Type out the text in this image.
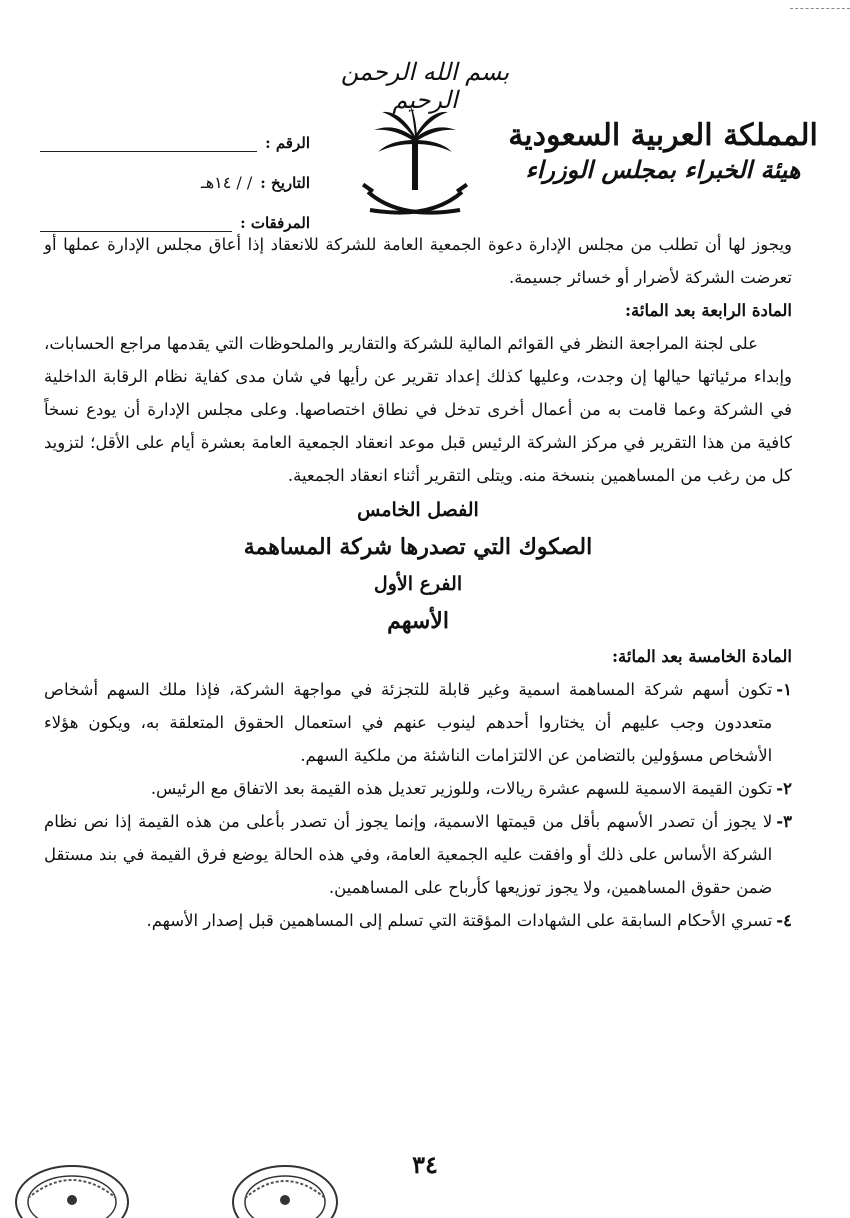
بسم الله الرحمن الرحيم
المملكة العربية السعودية
هيئة الخبراء بمجلس الوزراء
الرقم :
التاريخ :
/ / ١٤هـ
المرفقات :

ويجوز لها أن تطلب من مجلس الإدارة دعوة الجمعية العامة للشركة للانعقاد إذا أعاق مجلس الإدارة عملها أو تعرضت الشركة لأضرار أو خسائر جسيمة.

المادة الرابعة بعد المائة:

على لجنة المراجعة النظر في القوائم المالية للشركة والتقارير والملحوظات التي يقدمها مراجع الحسابات، وإبداء مرئياتها حيالها إن وجدت، وعليها كذلك إعداد تقرير عن رأيها في شان مدى كفاية نظام الرقابة الداخلية في الشركة وعما قامت به من أعمال أخرى تدخل في نطاق اختصاصها. وعلى مجلس الإدارة أن يودع نسخاً كافية من هذا التقرير في مركز الشركة الرئيس قبل موعد انعقاد الجمعية العامة بعشرة أيام على الأقل؛ لتزويد كل من رغب من المساهمين بنسخة منه. ويتلى التقرير أثناء انعقاد الجمعية.

الفصل الخامس

الصكوك التي تصدرها شركة المساهمة

الفرع الأول

الأسهم

المادة الخامسة بعد المائة:

١-
تكون أسهم شركة المساهمة اسمية وغير قابلة للتجزئة في مواجهة الشركة، فإذا ملك السهم أشخاص متعددون وجب عليهم أن يختاروا أحدهم لينوب عنهم في استعمال الحقوق المتعلقة به، ويكون هؤلاء الأشخاص مسؤولين بالتضامن عن الالتزامات الناشئة من ملكية السهم.
٢-
تكون القيمة الاسمية للسهم عشرة ريالات، وللوزير تعديل هذه القيمة بعد الاتفاق مع الرئيس.
٣-
لا يجوز أن تصدر الأسهم بأقل من قيمتها الاسمية، وإنما يجوز أن تصدر بأعلى من هذه القيمة إذا نص نظام الشركة الأساس على ذلك أو وافقت عليه الجمعية العامة، وفي هذه الحالة يوضع فرق القيمة في بند مستقل ضمن حقوق المساهمين، ولا يجوز توزيعها كأرباح على المساهمين.
٤-
تسري الأحكام السابقة على الشهادات المؤقتة التي تسلم إلى المساهمين قبل إصدار الأسهم.
٣٤
